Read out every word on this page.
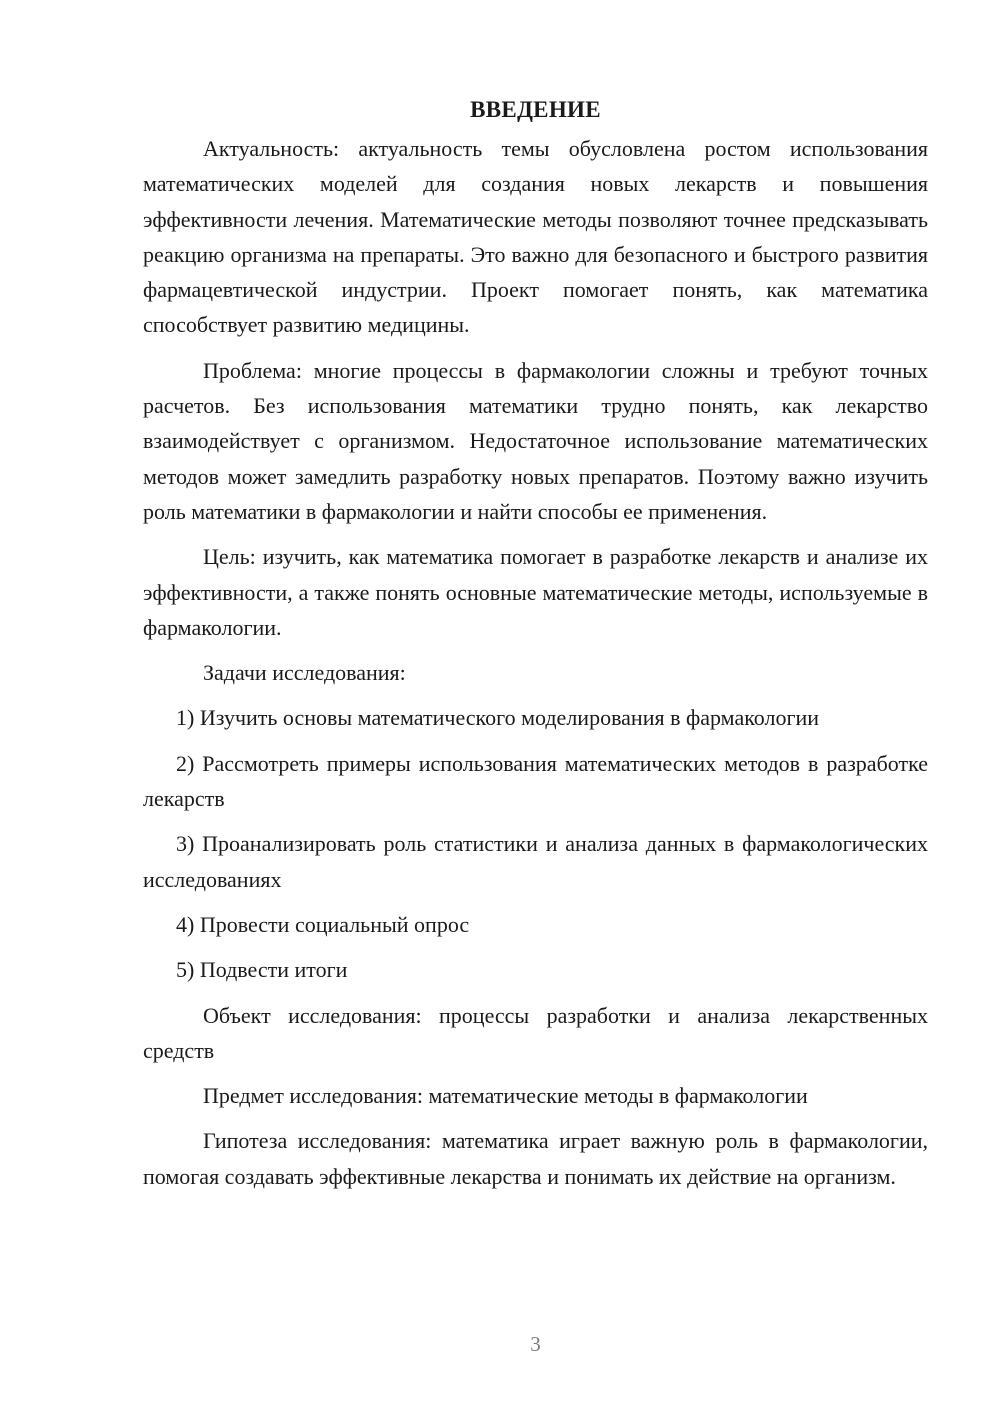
ВВЕДЕНИЕ

Актуальность: актуальность темы обусловлена ростом использования математических моделей для создания новых лекарств и повышения эффективности лечения. Математические методы позволяют точнее предсказывать реакцию организма на препараты. Это важно для безопасного и быстрого развития фармацевтической индустрии. Проект помогает понять, как математика способствует развитию медицины.

Проблема: многие процессы в фармакологии сложны и требуют точных расчетов. Без использования математики трудно понять, как лекарство взаимодействует с организмом. Недостаточное использование математических методов может замедлить разработку новых препаратов. Поэтому важно изучить роль математики в фармакологии и найти способы ее применения.

Цель: изучить, как математика помогает в разработке лекарств и анализе их эффективности, а также понять основные математические методы, используемые в фармакологии.

Задачи исследования:

1) Изучить основы математического моделирования в фармакологии

2) Рассмотреть примеры использования математических методов в разработке лекарств

3) Проанализировать роль статистики и анализа данных в фармакологических исследованиях

4) Провести социальный опрос

5) Подвести итоги

Объект исследования: процессы разработки и анализа лекарственных средств

Предмет исследования: математические методы в фармакологии

Гипотеза исследования: математика играет важную роль в фармакологии, помогая создавать эффективные лекарства и понимать их действие на организм.

3
